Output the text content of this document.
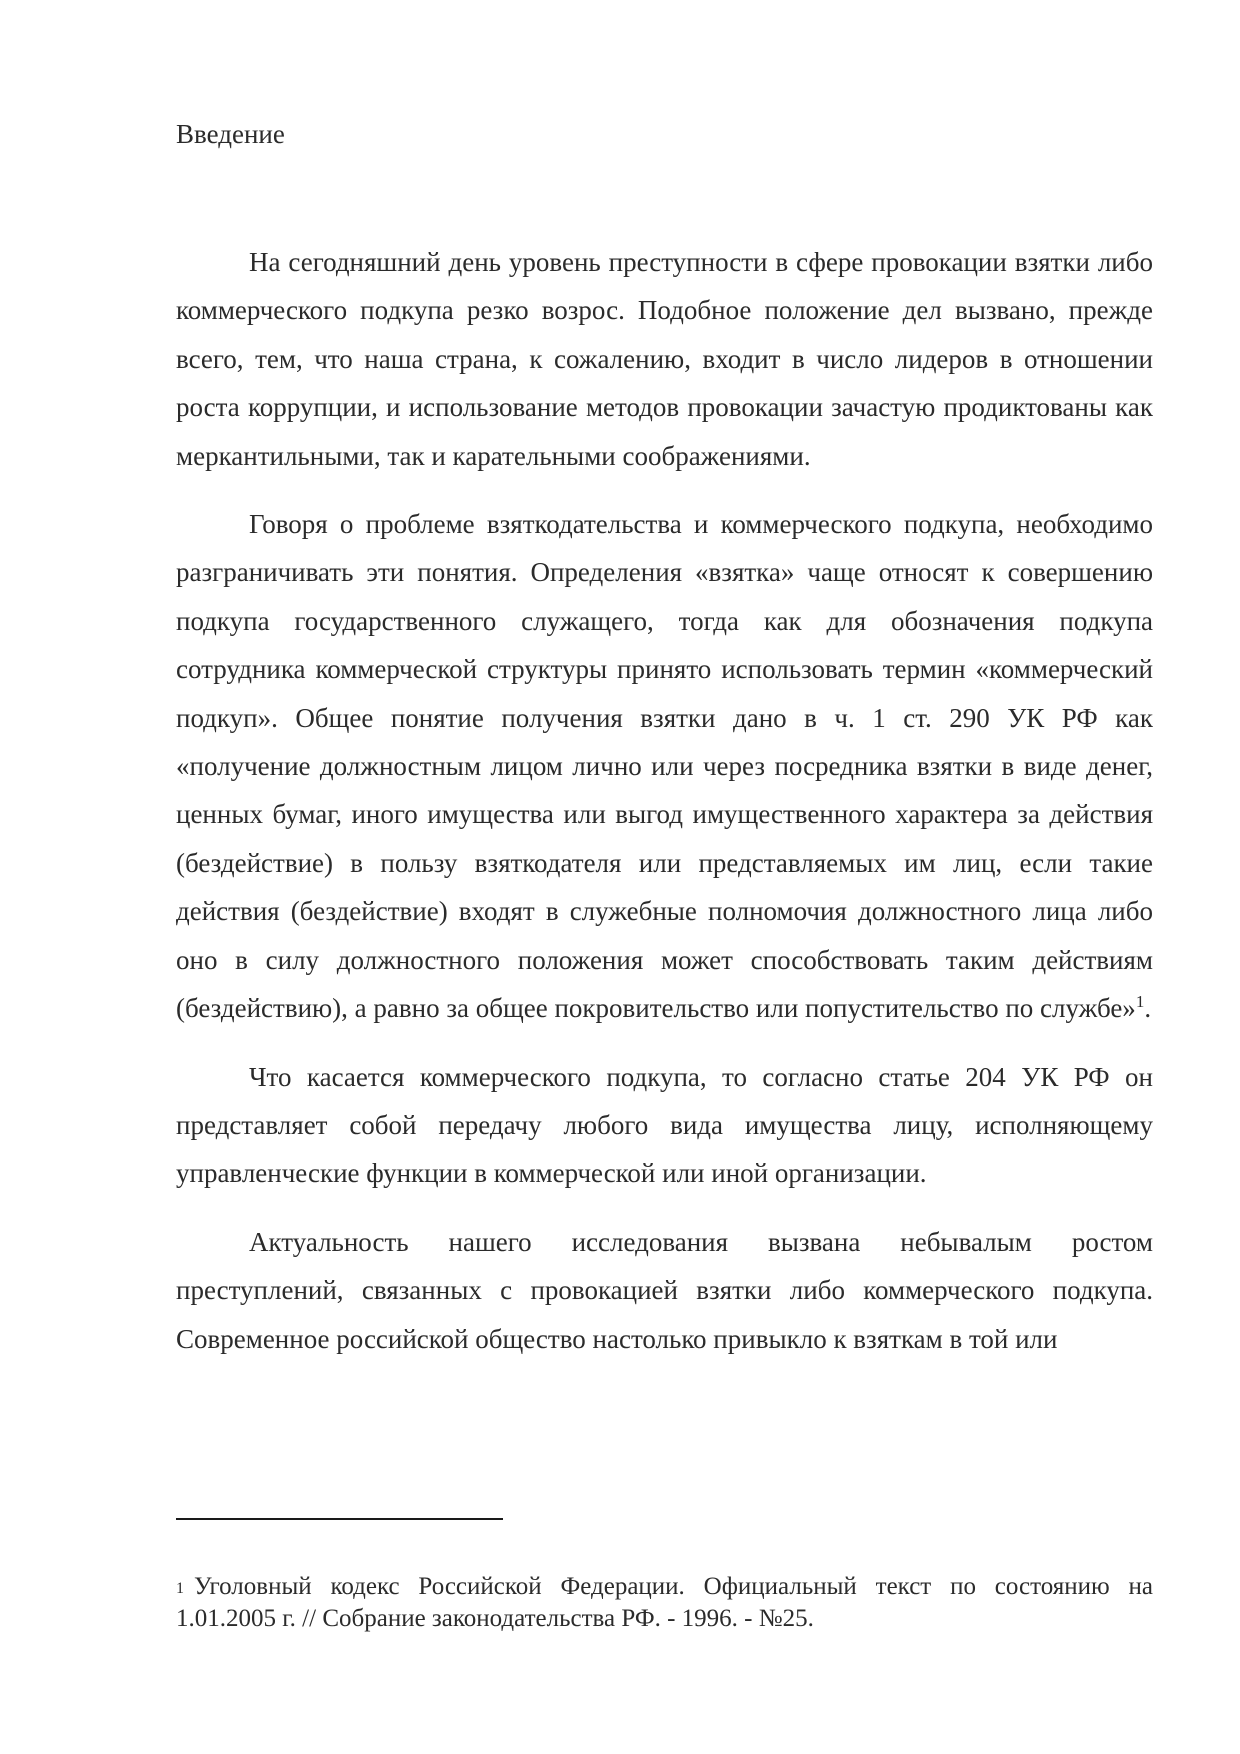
Введение

На сегодняшний день уровень преступности в сфере провокации взятки либо коммерческого подкупа резко возрос. Подобное положение дел вызвано, прежде всего, тем, что наша страна, к сожалению, входит в число лидеров в отношении роста коррупции, и использование методов провокации зачастую продиктованы как меркантильными, так и карательными соображениями.

Говоря о проблеме взяткодательства и коммерческого подкупа, необходимо разграничивать эти понятия. Определения «взятка» чаще относят к совершению подкупа государственного служащего, тогда как для обозначения подкупа сотрудника коммерческой структуры принято использовать термин «коммерческий подкуп». Общее понятие получения взятки дано в ч. 1 ст. 290 УК РФ как «получение должностным лицом лично или через посредника взятки в виде денег, ценных бумаг, иного имущества или выгод имущественного характера за действия (бездействие) в пользу взяткодателя или представляемых им лиц, если такие действия (бездействие) входят в служебные полномочия должностного лица либо оно в силу должностного положения может способствовать таким действиям (бездействию), а равно за общее покровительство или попустительство по службе»$^1$.

Что касается коммерческого подкупа, то согласно статье 204 УК РФ он представляет собой передачу любого вида имущества лицу, исполняющему управленческие функции в коммерческой или иной организации.

Актуальность нашего исследования вызвана небывалым ростом преступлений, связанных с провокацией взятки либо коммерческого подкупа. Современное российской общество настолько привыкло к взяткам в той или

$^1$ Уголовный кодекс Российской Федерации. Официальный текст по состоянию на 1.01.2005 г. // Собрание законодательства РФ. - 1996. - №25.
